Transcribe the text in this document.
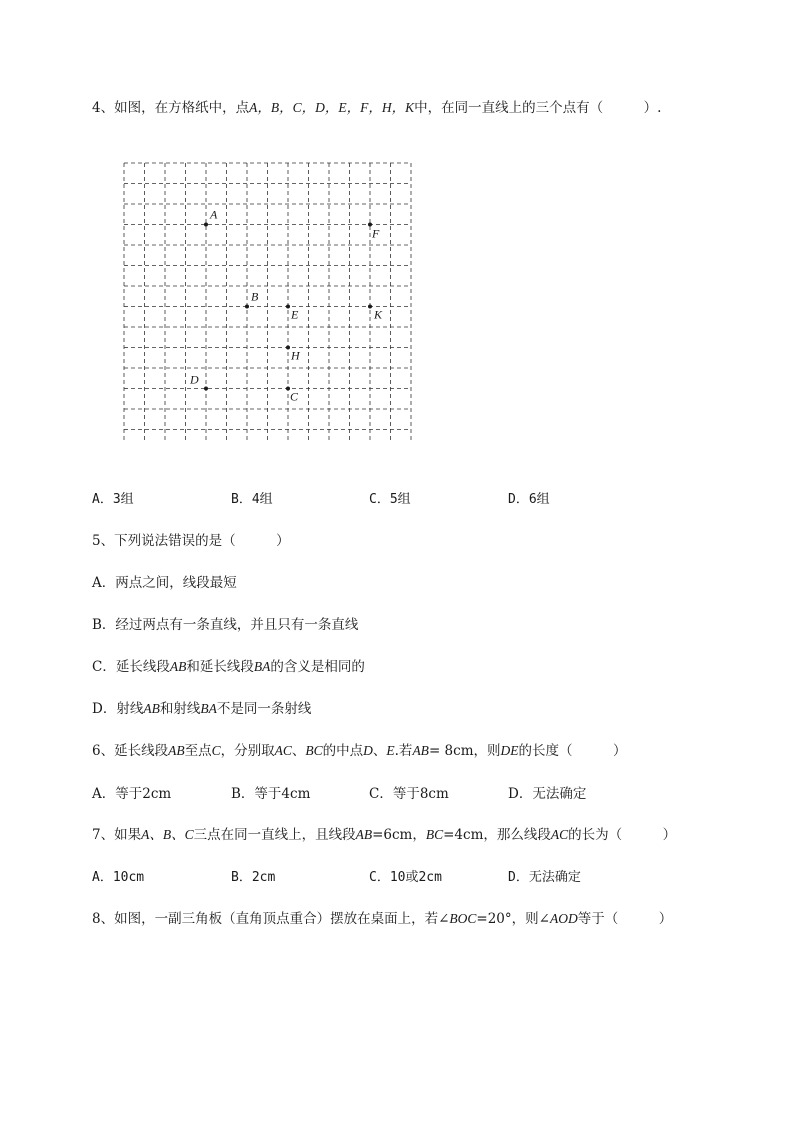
4、如图，在方格纸中，点A，B，C，D，E，F，H，K中，在同一直线上的三个点有（　　　）.
A
F
B
E	K
H
D
C
A．3组	B．4组	C．5组	D．6组
5、下列说法错误的是（　　　）
A．两点之间，线段最短
B．经过两点有一条直线，并且只有一条直线
C．延长线段AB和延长线段BA的含义是相同的
D．射线AB和射线BA不是同一条射线
6、延长线段AB至点C，分别取AC、BC的中点D、E.若AB= 8cm，则DE的长度（　　　）
A．等于2cm	B．等于4cm	C．等于8cm	D．无法确定
7、如果A、B、C三点在同一直线上，且线段AB=6cm，BC=4cm，那么线段AC的长为（　　　）
A．10cm	B．2cm	C．10或2cm	D．无法确定
8、如图，一副三角板（直角顶点重合）摆放在桌面上，若∠BOC=20°，则∠AOD等于（　　　）
